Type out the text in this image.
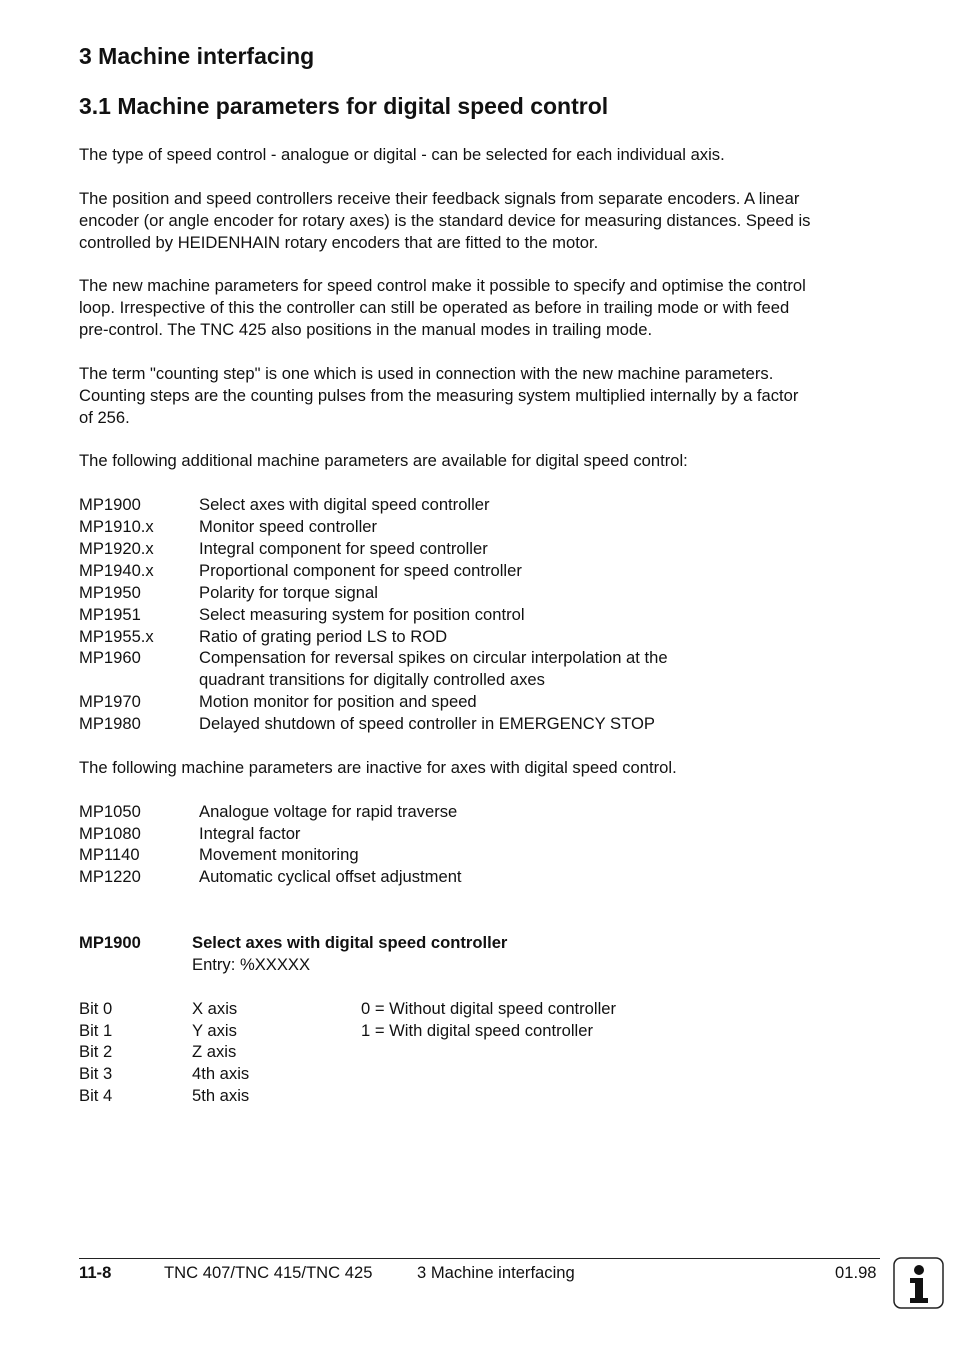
3 Machine interfacing
3.1 Machine parameters for digital speed control
The type of speed control - analogue or digital - can be selected for each individual axis.
The position and speed controllers receive their feedback signals from separate encoders. A linear
encoder (or angle encoder for rotary axes) is the standard device for measuring distances. Speed is
controlled by HEIDENHAIN rotary encoders that are fitted to the motor.
The new machine parameters for speed control make it possible to specify and optimise the control
loop. Irrespective of this the controller can still be operated as before in trailing mode or with feed
pre-control. The TNC 425 also positions in the manual modes in trailing mode.
The term "counting step" is one which is used in connection with the new machine parameters.
Counting steps are the counting pulses from the measuring system multiplied internally by a factor
of 256.
The following additional machine parameters are available for digital speed control:
MP1900	Select axes with digital speed controller
MP1910.x	Monitor speed controller
MP1920.x	Integral component for speed controller
MP1940.x	Proportional component for speed controller
MP1950	Polarity for torque signal
MP1951	Select measuring system for position control
MP1955.x	Ratio of grating period LS to ROD
MP1960	Compensation for reversal spikes on circular interpolation at the
quadrant transitions for digitally controlled axes
MP1970	Motion monitor for position and speed
MP1980	Delayed shutdown of speed controller in EMERGENCY STOP
The following machine parameters are inactive for axes with digital speed control.
MP1050	Analogue voltage for rapid traverse
MP1080	Integral factor
MP1140	Movement monitoring
MP1220	Automatic cyclical offset adjustment
MP1900	Select axes with digital speed controller
Entry: %XXXXX
Bit 0	X axis	0 = Without digital speed controller
Bit 1	Y axis	1 = With digital speed controller
Bit 2	Z axis
Bit 3	4th axis
Bit 4	5th axis
11-8	TNC 407/TNC 415/TNC 425	3 Machine interfacing	01.98
